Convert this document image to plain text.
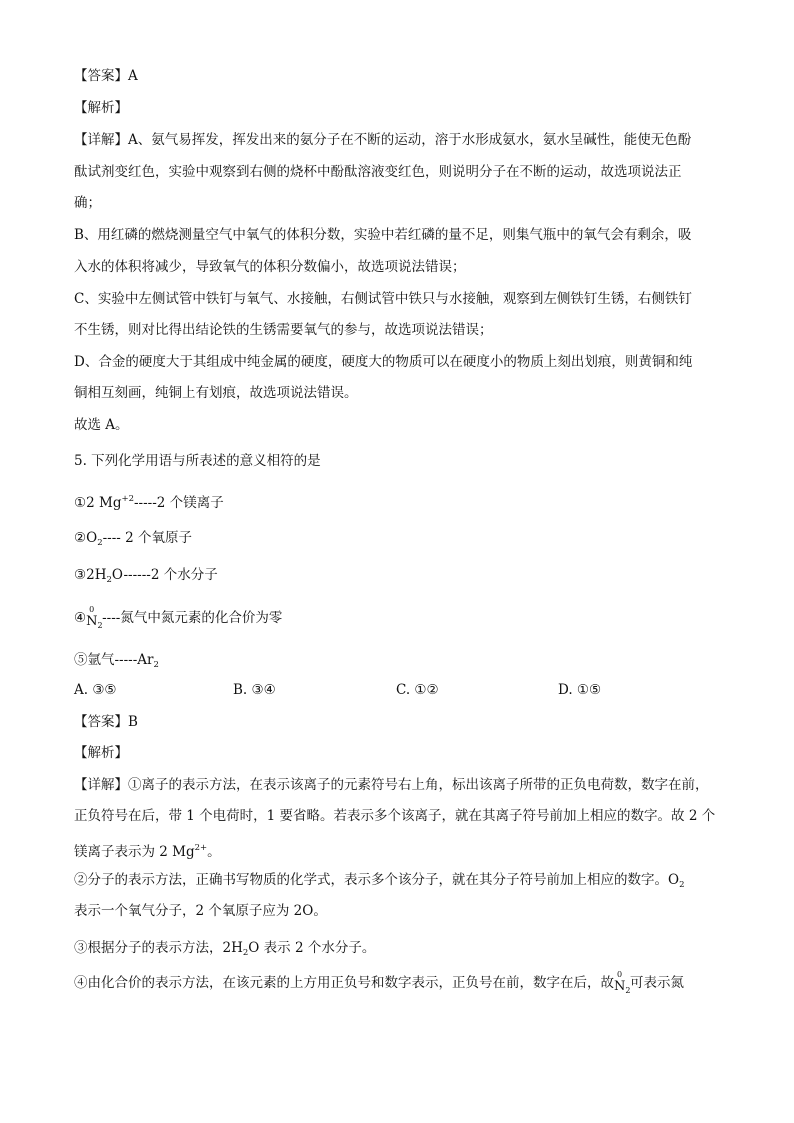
【答案】A
【解析】
【详解】A、氨气易挥发，挥发出来的氨分子在不断的运动，溶于水形成氨水，氨水呈碱性，能使无色酚
酞试剂变红色，实验中观察到右侧的烧杯中酚酞溶液变红色，则说明分子在不断的运动，故选项说法正
确；
B、用红磷的燃烧测量空气中氧气的体积分数，实验中若红磷的量不足，则集气瓶中的氧气会有剩余，吸
入水的体积将减少，导致氧气的体积分数偏小，故选项说法错误；
C、实验中左侧试管中铁钉与氧气、水接触，右侧试管中铁只与水接触，观察到左侧铁钉生锈，右侧铁钉
不生锈，则对比得出结论铁的生锈需要氧气的参与，故选项说法错误；
D、合金的硬度大于其组成中纯金属的硬度，硬度大的物质可以在硬度小的物质上刻出划痕，则黄铜和纯
铜相互刻画，纯铜上有划痕，故选项说法错误。
故选 A。
5. 下列化学用语与所表述的意义相符的是
①2 $Mg^{+2}-----2$ 个镁离子
$②O_2----$ 2 个氧原子
$③2H_2O------2$ 个水分子
④
0
$N_2$ ----氮气中氮元素的化合价为零
⑤氩气$-----Ar_2$
A. ③⑤	B. ③④	C. ①②	D. ①⑤
【答案】B
【解析】
【详解】①离子的表示方法，在表示该离子的元素符号右上角，标出该离子所带的正负电荷数，数字在前，
正负符号在后，带 1 个电荷时，1 要省略。若表示多个该离子，就在其离子符号前加上相应的数字。故 2 个
镁离子表示为 2 $Mg^{2+}$。
②分子的表示方法，正确书写物质的化学式，表示多个该分子，就在其分子符号前加上相应的数字。$O_2$
表示一个氧气分子，2 个氧原子应为 2O。
③根据分子的表示方法，$2H_2O$ 表示 2 个水分子。
④由化合价的表示方法，在该元素的上方用正负号和数字表示，正负号在前，数字在后，故
0
$N_2$ 可表示氮
